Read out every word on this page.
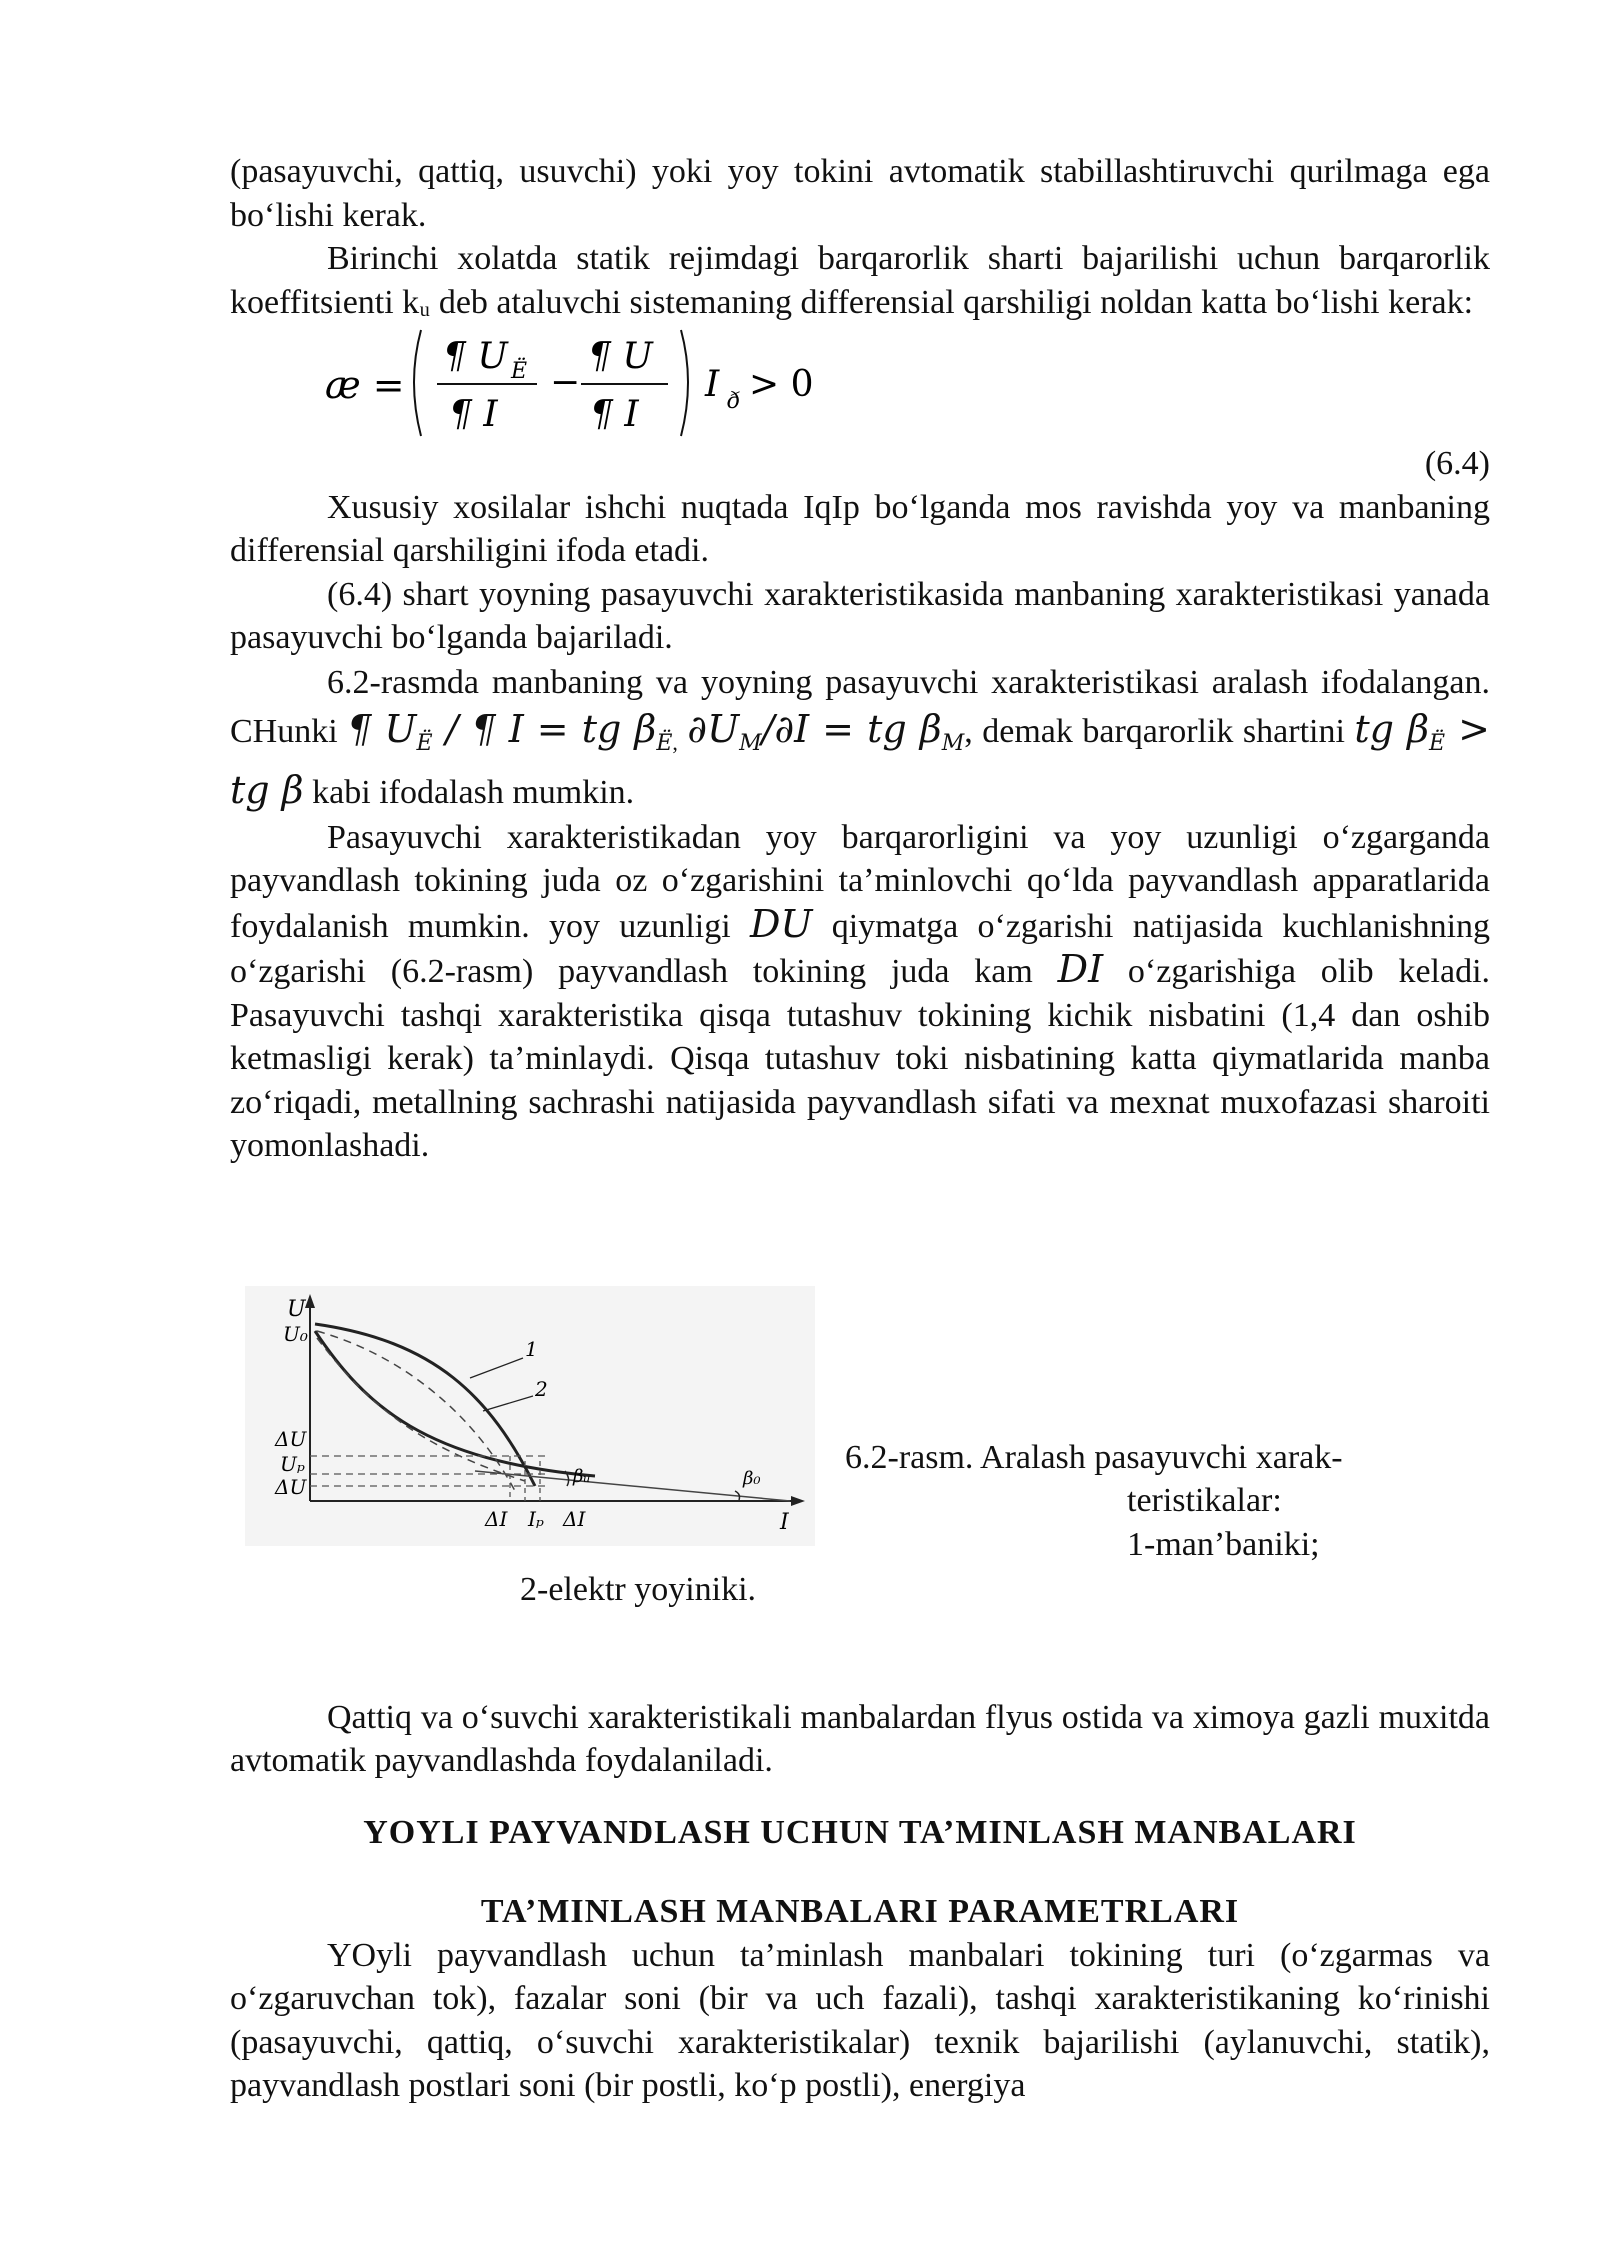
(pasayuvchi, qattiq, usuvchi) yoki yoy tokini avtomatik stabillashtiruvchi qurilmaga ega bo‘lishi kerak.

Birinchi xolatda statik rejimdagi barqarorlik sharti bajarilishi uchun barqarorlik koeffitsienti kᵤ deb ataluvchi sistemaning differensial qarshiligi noldan katta bo‘lishi kerak:

æ =
¶ U Ë
¶ I
−
¶ U
¶ I
I ð > 0

(6.4)

Xususiy xosilalar ishchi nuqtada IqIp bo‘lganda mos ravishda yoy va manbaning differensial qarshiligini ifoda etadi.

(6.4) shart yoyning pasayuvchi xarakteristikasida manbaning xarakteristikasi yanada pasayuvchi bo‘lganda bajariladi.

6.2-rasmda manbaning va yoyning pasayuvchi xarakteristikasi aralash ifodalangan. CHunki ¶ $U_Ë$ / ¶ I = tg $\beta_{Ë,}$ $\partial U_М/\partial I$ = tg $\beta_М$, demak barqarorlik shartini tg $\beta_Ë$ > tg β kabi ifodalash mumkin.

Pasayuvchi xarakteristikadan yoy barqarorligini va yoy uzunligi o‘zgarganda payvandlash tokining juda oz o‘zgarishini ta’minlovchi qo‘lda payvandlash apparatlarida foydalanish mumkin. yoy uzunligi DU qiymatga o‘zgarishi natijasida kuchlanishning o‘zgarishi (6.2-rasm) payvandlash tokining juda kam DI o‘zgarishiga olib keladi. Pasayuvchi tashqi xarakteristika qisqa tutashuv tokining kichik nisbatini (1,4 dan oshib ketmasligi kerak) ta’minlaydi. Qisqa tutashuv toki nisbatining katta qiymatlarida manba zo‘riqadi, metallning sachrashi natijasida payvandlash sifati va mexnat muxofazasi sharoiti yomonlashadi.

U
U₀
ΔU
Uₚ
ΔU
1
2
βᵤ	β₀
ΔI Iₚ ΔI	I
6.2-rasm. Aralash pasayuvchi xarak-
teristikalar:
1-man’baniki;
2-elektr yoyiniki.

Qattiq va o‘suvchi xarakteristikali manbalardan flyus ostida va ximoya gazli muxitda avtomatik payvandlashda foydalaniladi.

YOYLI PAYVANDLASH UCHUN TA’MINLASH MANBALARI

TA’MINLASH MANBALARI PARAMETRLARI

YOyli payvandlash uchun ta’minlash manbalari tokining turi (o‘zgarmas va o‘zgaruvchan tok), fazalar soni (bir va uch fazali), tashqi xarakteristikaning ko‘rinishi (pasayuvchi, qattiq, o‘suvchi xarakteristikalar) texnik bajarilishi (aylanuvchi, statik), payvandlash postlari soni (bir postli, ko‘p postli), energiya
